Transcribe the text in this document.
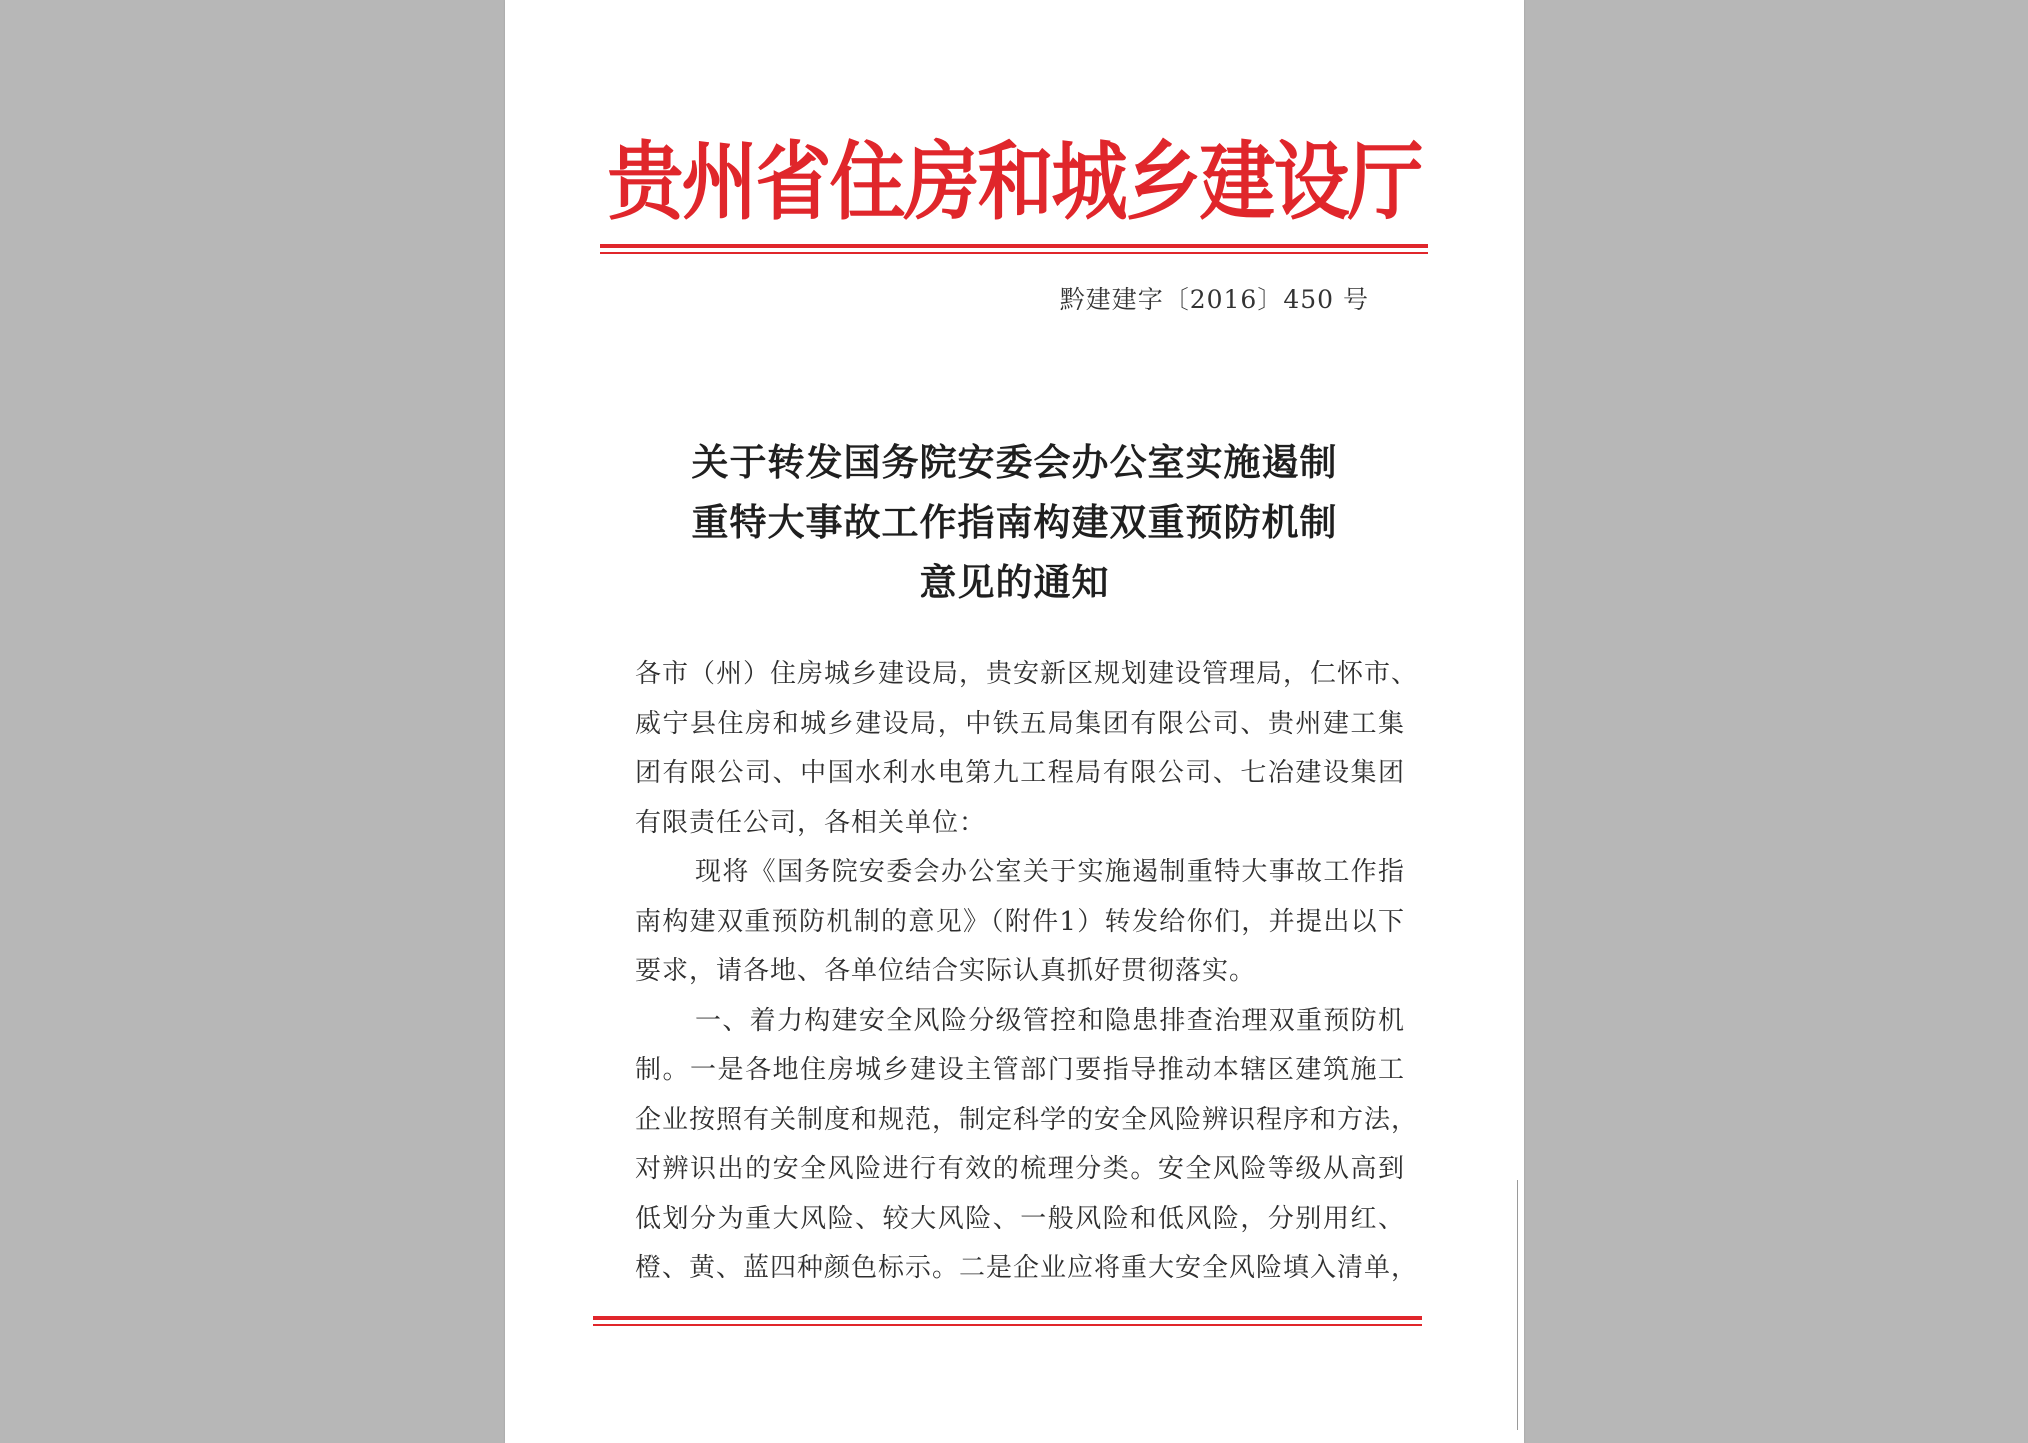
贵州省住房和城乡建设厅
黔建建字〔2016〕450 号
关于转发国务院安委会办公室实施遏制
重特大事故工作指南构建双重预防机制
意见的通知
各市（州）住房城乡建设局，贵安新区规划建设管理局，仁怀市、
威宁县住房和城乡建设局，中铁五局集团有限公司、贵州建工集
团有限公司、中国水利水电第九工程局有限公司、七冶建设集团
有限责任公司，各相关单位：
现将《国务院安委会办公室关于实施遏制重特大事故工作指
南构建双重预防机制的意见》（附件1）转发给你们，并提出以下
要求，请各地、各单位结合实际认真抓好贯彻落实。
一、着力构建安全风险分级管控和隐患排查治理双重预防机
制。一是各地住房城乡建设主管部门要指导推动本辖区建筑施工
企业按照有关制度和规范，制定科学的安全风险辨识程序和方法，
对辨识出的安全风险进行有效的梳理分类。安全风险等级从高到
低划分为重大风险、较大风险、一般风险和低风险，分别用红、
橙、黄、蓝四种颜色标示。二是企业应将重大安全风险填入清单，
